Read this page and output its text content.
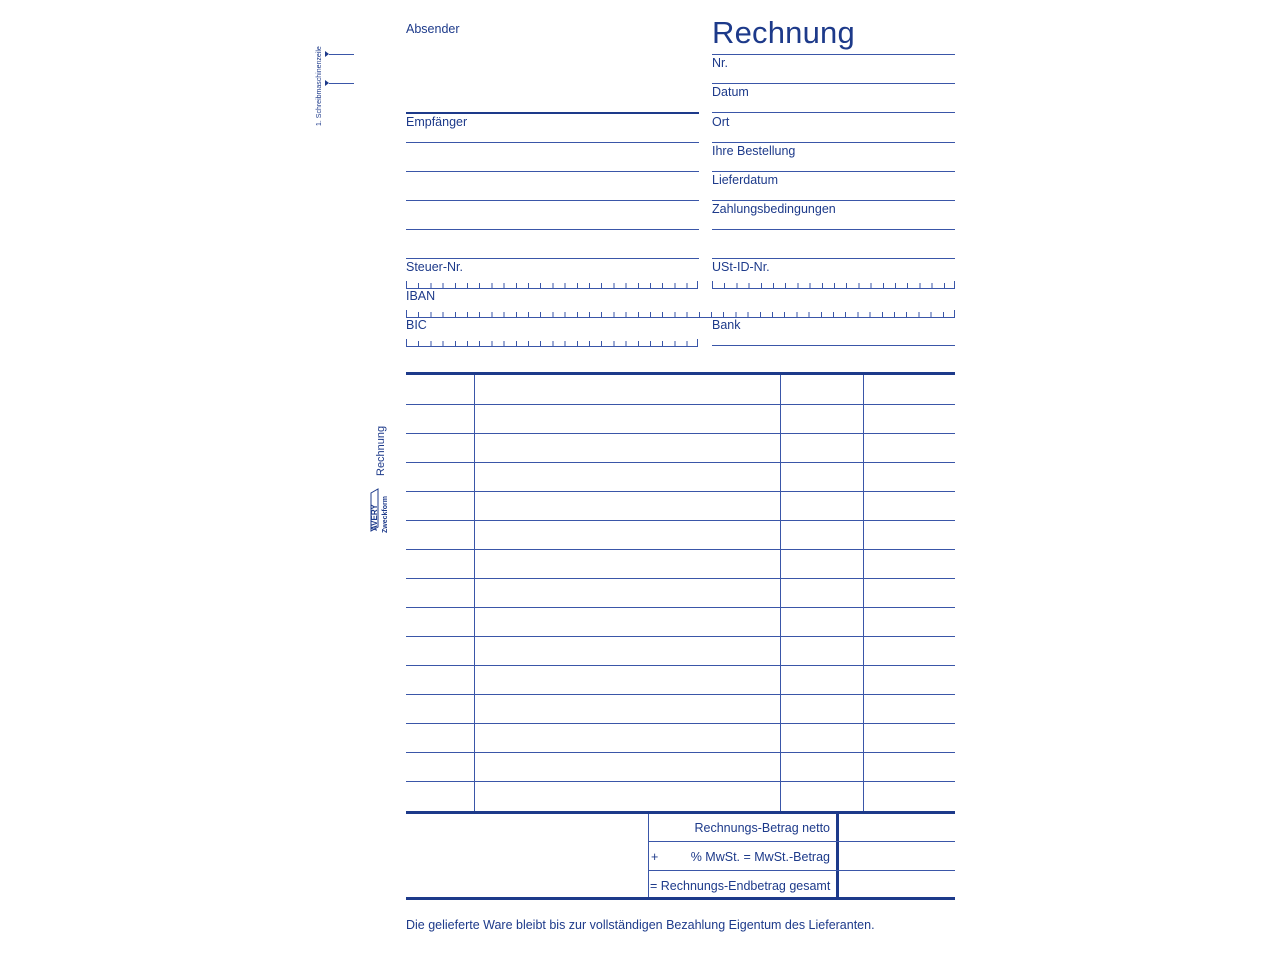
1. Schreibmaschinenzeile
Rechnung
AVERY Zweckform
Rechnung
Absender
Empfänger
Nr.
Datum
Ort
Ihre Bestellung
Lieferdatum
Zahlungsbedingungen
Steuer-Nr.	USt-ID-Nr.
IBAN
BIC	Bank
Rechnungs-Betrag netto
+	% MwSt. = MwSt.-Betrag
= Rechnungs-Endbetrag gesamt
Die gelieferte Ware bleibt bis zur vollständigen Bezahlung Eigentum des Lieferanten.
